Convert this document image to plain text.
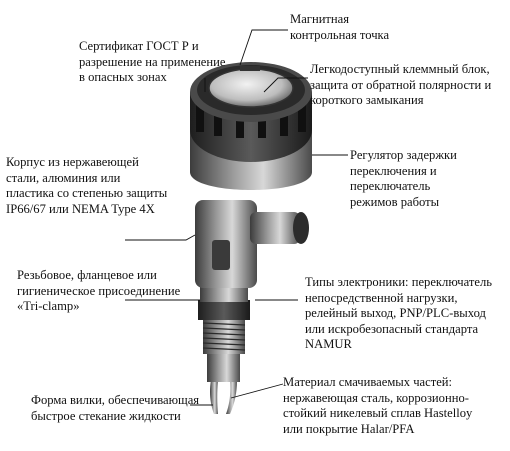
Магнитная
контрольная точка
Сертификат ГОСТ Р и
разрешение на применение
в опасных зонах
Легкодоступный клеммный блок,
защита от обратной полярности и
короткого замыкания
Регулятор задержки
переключения и
переключатель
режимов работы
Корпус из нержавеющей
стали, алюминия или
пластика со степенью защиты
IP66/67 или NEMA Type 4X
Резьбовое, фланцевое или
гигиеническое присоединение
«Tri-clamp»
Типы электроники: переключатель
непосредственной нагрузки,
релейный выход, PNP/PLC-выход
или искробезопасный стандарта
NAMUR
Форма вилки, обеспечивающая
быстрое стекание жидкости
Материал смачиваемых частей:
нержавеющая сталь, коррозионно-
стойкий никелевый сплав Hastelloy
или покрытие Halar/PFA
